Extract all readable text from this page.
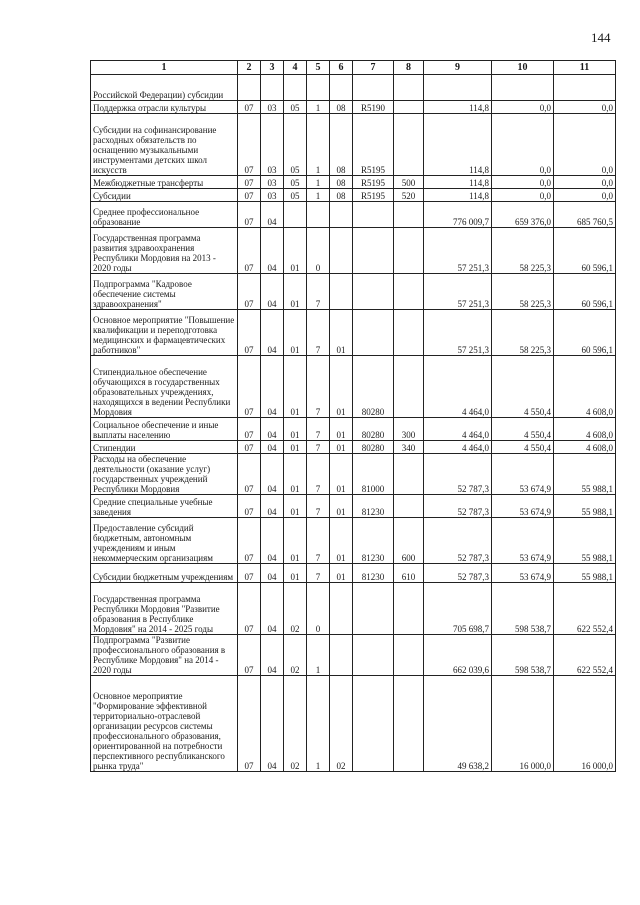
144
1	2	3	4	5	6	7	8	9	10	11
Российской Федерации) субсидии										
Поддержка отрасли культуры	07	03	05	1	08	R5190		114,8	0,0	0,0
Субсидии на софинансирование расходных обязательств по оснащению музыкальными инструментами детских школ искусств	07	03	05	1	08	R5195		114,8	0,0	0,0
Межбюджетные трансферты	07	03	05	1	08	R5195	500	114,8	0,0	0,0
Субсидии	07	03	05	1	08	R5195	520	114,8	0,0	0,0
Среднее профессиональное образование	07	04						776 009,7	659 376,0	685 760,5
Государственная программа развития здравоохранения Республики Мордовия на 2013 - 2020 годы	07	04	01	0				57 251,3	58 225,3	60 596,1
Подпрограмма "Кадровое обеспечение системы здравоохранения"	07	04	01	7				57 251,3	58 225,3	60 596,1
Основное мероприятие "Повышение квалификации и переподготовка медицинских и фармацевтических работников"	07	04	01	7	01			57 251,3	58 225,3	60 596,1
Стипендиальное обеспечение обучающихся в государственных образовательных учреждениях, находящихся в ведении Республики Мордовия	07	04	01	7	01	80280		4 464,0	4 550,4	4 608,0
Социальное обеспечение и иные выплаты населению	07	04	01	7	01	80280	300	4 464,0	4 550,4	4 608,0
Стипендии	07	04	01	7	01	80280	340	4 464,0	4 550,4	4 608,0
Расходы на обеспечение деятельности (оказание услуг) государственных учреждений Республики Мордовия	07	04	01	7	01	81000		52 787,3	53 674,9	55 988,1
Средние специальные учебные заведения	07	04	01	7	01	81230		52 787,3	53 674,9	55 988,1
Предоставление субсидий бюджетным, автономным учреждениям и иным некоммерческим организациям	07	04	01	7	01	81230	600	52 787,3	53 674,9	55 988,1
Субсидии бюджетным учреждениям	07	04	01	7	01	81230	610	52 787,3	53 674,9	55 988,1
Государственная программа Республики Мордовия "Развитие образования в Республике Мордовия" на 2014 - 2025 годы	07	04	02	0				705 698,7	598 538,7	622 552,4
Подпрограмма "Развитие профессионального образования в Республике Мордовия" на 2014 - 2020 годы	07	04	02	1				662 039,6	598 538,7	622 552,4
Основное мероприятие "Формирование эффективной территориально-отраслевой организации ресурсов системы профессионального образования, ориентированной на потребности перспективного республиканского рынка труда"	07	04	02	1	02			49 638,2	16 000,0	16 000,0
